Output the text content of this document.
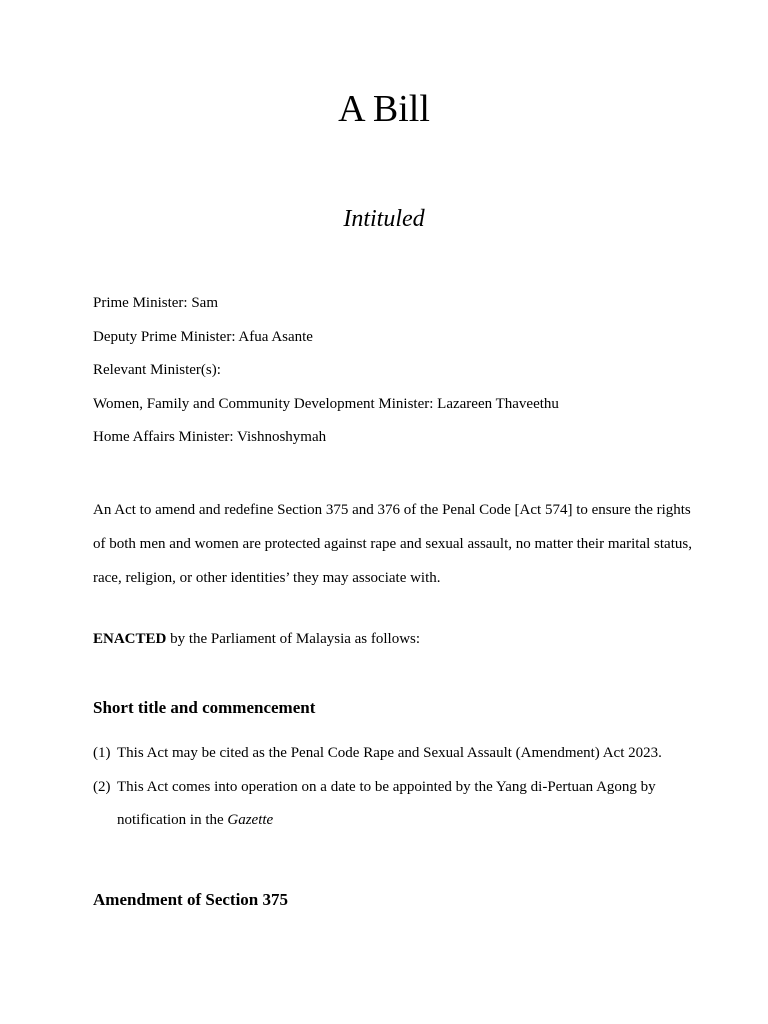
A Bill
Intituled
Prime Minister: Sam
Deputy Prime Minister: Afua Asante
Relevant Minister(s):
Women, Family and Community Development Minister: Lazareen Thaveethu
Home Affairs Minister: Vishnoshymah
An Act to amend and redefine Section 375 and 376 of the Penal Code [Act 574] to ensure the rights of both men and women are protected against rape and sexual assault, no matter their marital status, race, religion, or other identities’ they may associate with.
ENACTED by the Parliament of Malaysia as follows:
Short title and commencement
(1) This Act may be cited as the Penal Code Rape and Sexual Assault (Amendment) Act 2023.
(2) This Act comes into operation on a date to be appointed by the Yang di-Pertuan Agong by notification in the Gazette
Amendment of Section 375
